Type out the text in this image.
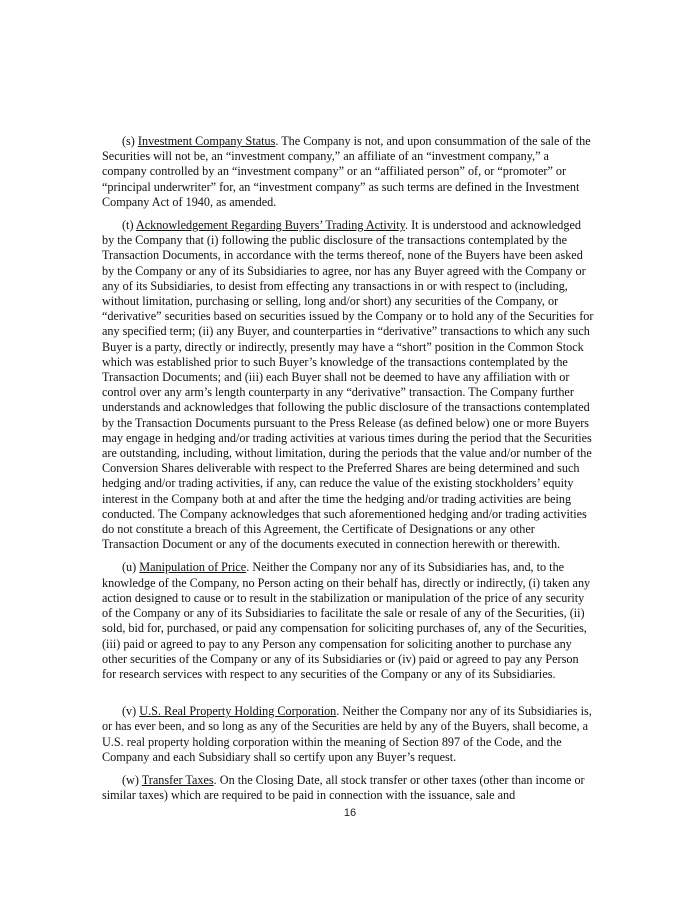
(s) Investment Company Status. The Company is not, and upon consummation of the sale of the Securities will not be, an “investment company,” an affiliate of an “investment company,” a company controlled by an “investment company” or an “affiliated person” of, or “promoter” or “principal underwriter” for, an “investment company” as such terms are defined in the Investment Company Act of 1940, as amended.

(t) Acknowledgement Regarding Buyers’ Trading Activity. It is understood and acknowledged by the Company that (i) following the public disclosure of the transactions contemplated by the Transaction Documents, in accordance with the terms thereof, none of the Buyers have been asked by the Company or any of its Subsidiaries to agree, nor has any Buyer agreed with the Company or any of its Subsidiaries, to desist from effecting any transactions in or with respect to (including, without limitation, purchasing or selling, long and/or short) any securities of the Company, or “derivative” securities based on securities issued by the Company or to hold any of the Securities for any specified term; (ii) any Buyer, and counterparties in “derivative” transactions to which any such Buyer is a party, directly or indirectly, presently may have a “short” position in the Common Stock which was established prior to such Buyer’s knowledge of the transactions contemplated by the Transaction Documents; and (iii) each Buyer shall not be deemed to have any affiliation with or control over any arm’s length counterparty in any “derivative” transaction. The Company further understands and acknowledges that following the public disclosure of the transactions contemplated by the Transaction Documents pursuant to the Press Release (as defined below) one or more Buyers may engage in hedging and/or trading activities at various times during the period that the Securities are outstanding, including, without limitation, during the periods that the value and/or number of the Conversion Shares deliverable with respect to the Preferred Shares are being determined and such hedging and/or trading activities, if any, can reduce the value of the existing stockholders’ equity interest in the Company both at and after the time the hedging and/or trading activities are being conducted. The Company acknowledges that such aforementioned hedging and/or trading activities do not constitute a breach of this Agreement, the Certificate of Designations or any other Transaction Document or any of the documents executed in connection herewith or therewith.

(u) Manipulation of Price. Neither the Company nor any of its Subsidiaries has, and, to the knowledge of the Company, no Person acting on their behalf has, directly or indirectly, (i) taken any action designed to cause or to result in the stabilization or manipulation of the price of any security of the Company or any of its Subsidiaries to facilitate the sale or resale of any of the Securities, (ii) sold, bid for, purchased, or paid any compensation for soliciting purchases of, any of the Securities, (iii) paid or agreed to pay to any Person any compensation for soliciting another to purchase any other securities of the Company or any of its Subsidiaries or (iv) paid or agreed to pay any Person for research services with respect to any securities of the Company or any of its Subsidiaries.

(v) U.S. Real Property Holding Corporation. Neither the Company nor any of its Subsidiaries is, or has ever been, and so long as any of the Securities are held by any of the Buyers, shall become, a U.S. real property holding corporation within the meaning of Section 897 of the Code, and the Company and each Subsidiary shall so certify upon any Buyer’s request.

(w) Transfer Taxes. On the Closing Date, all stock transfer or other taxes (other than income or similar taxes) which are required to be paid in connection with the issuance, sale and

16
